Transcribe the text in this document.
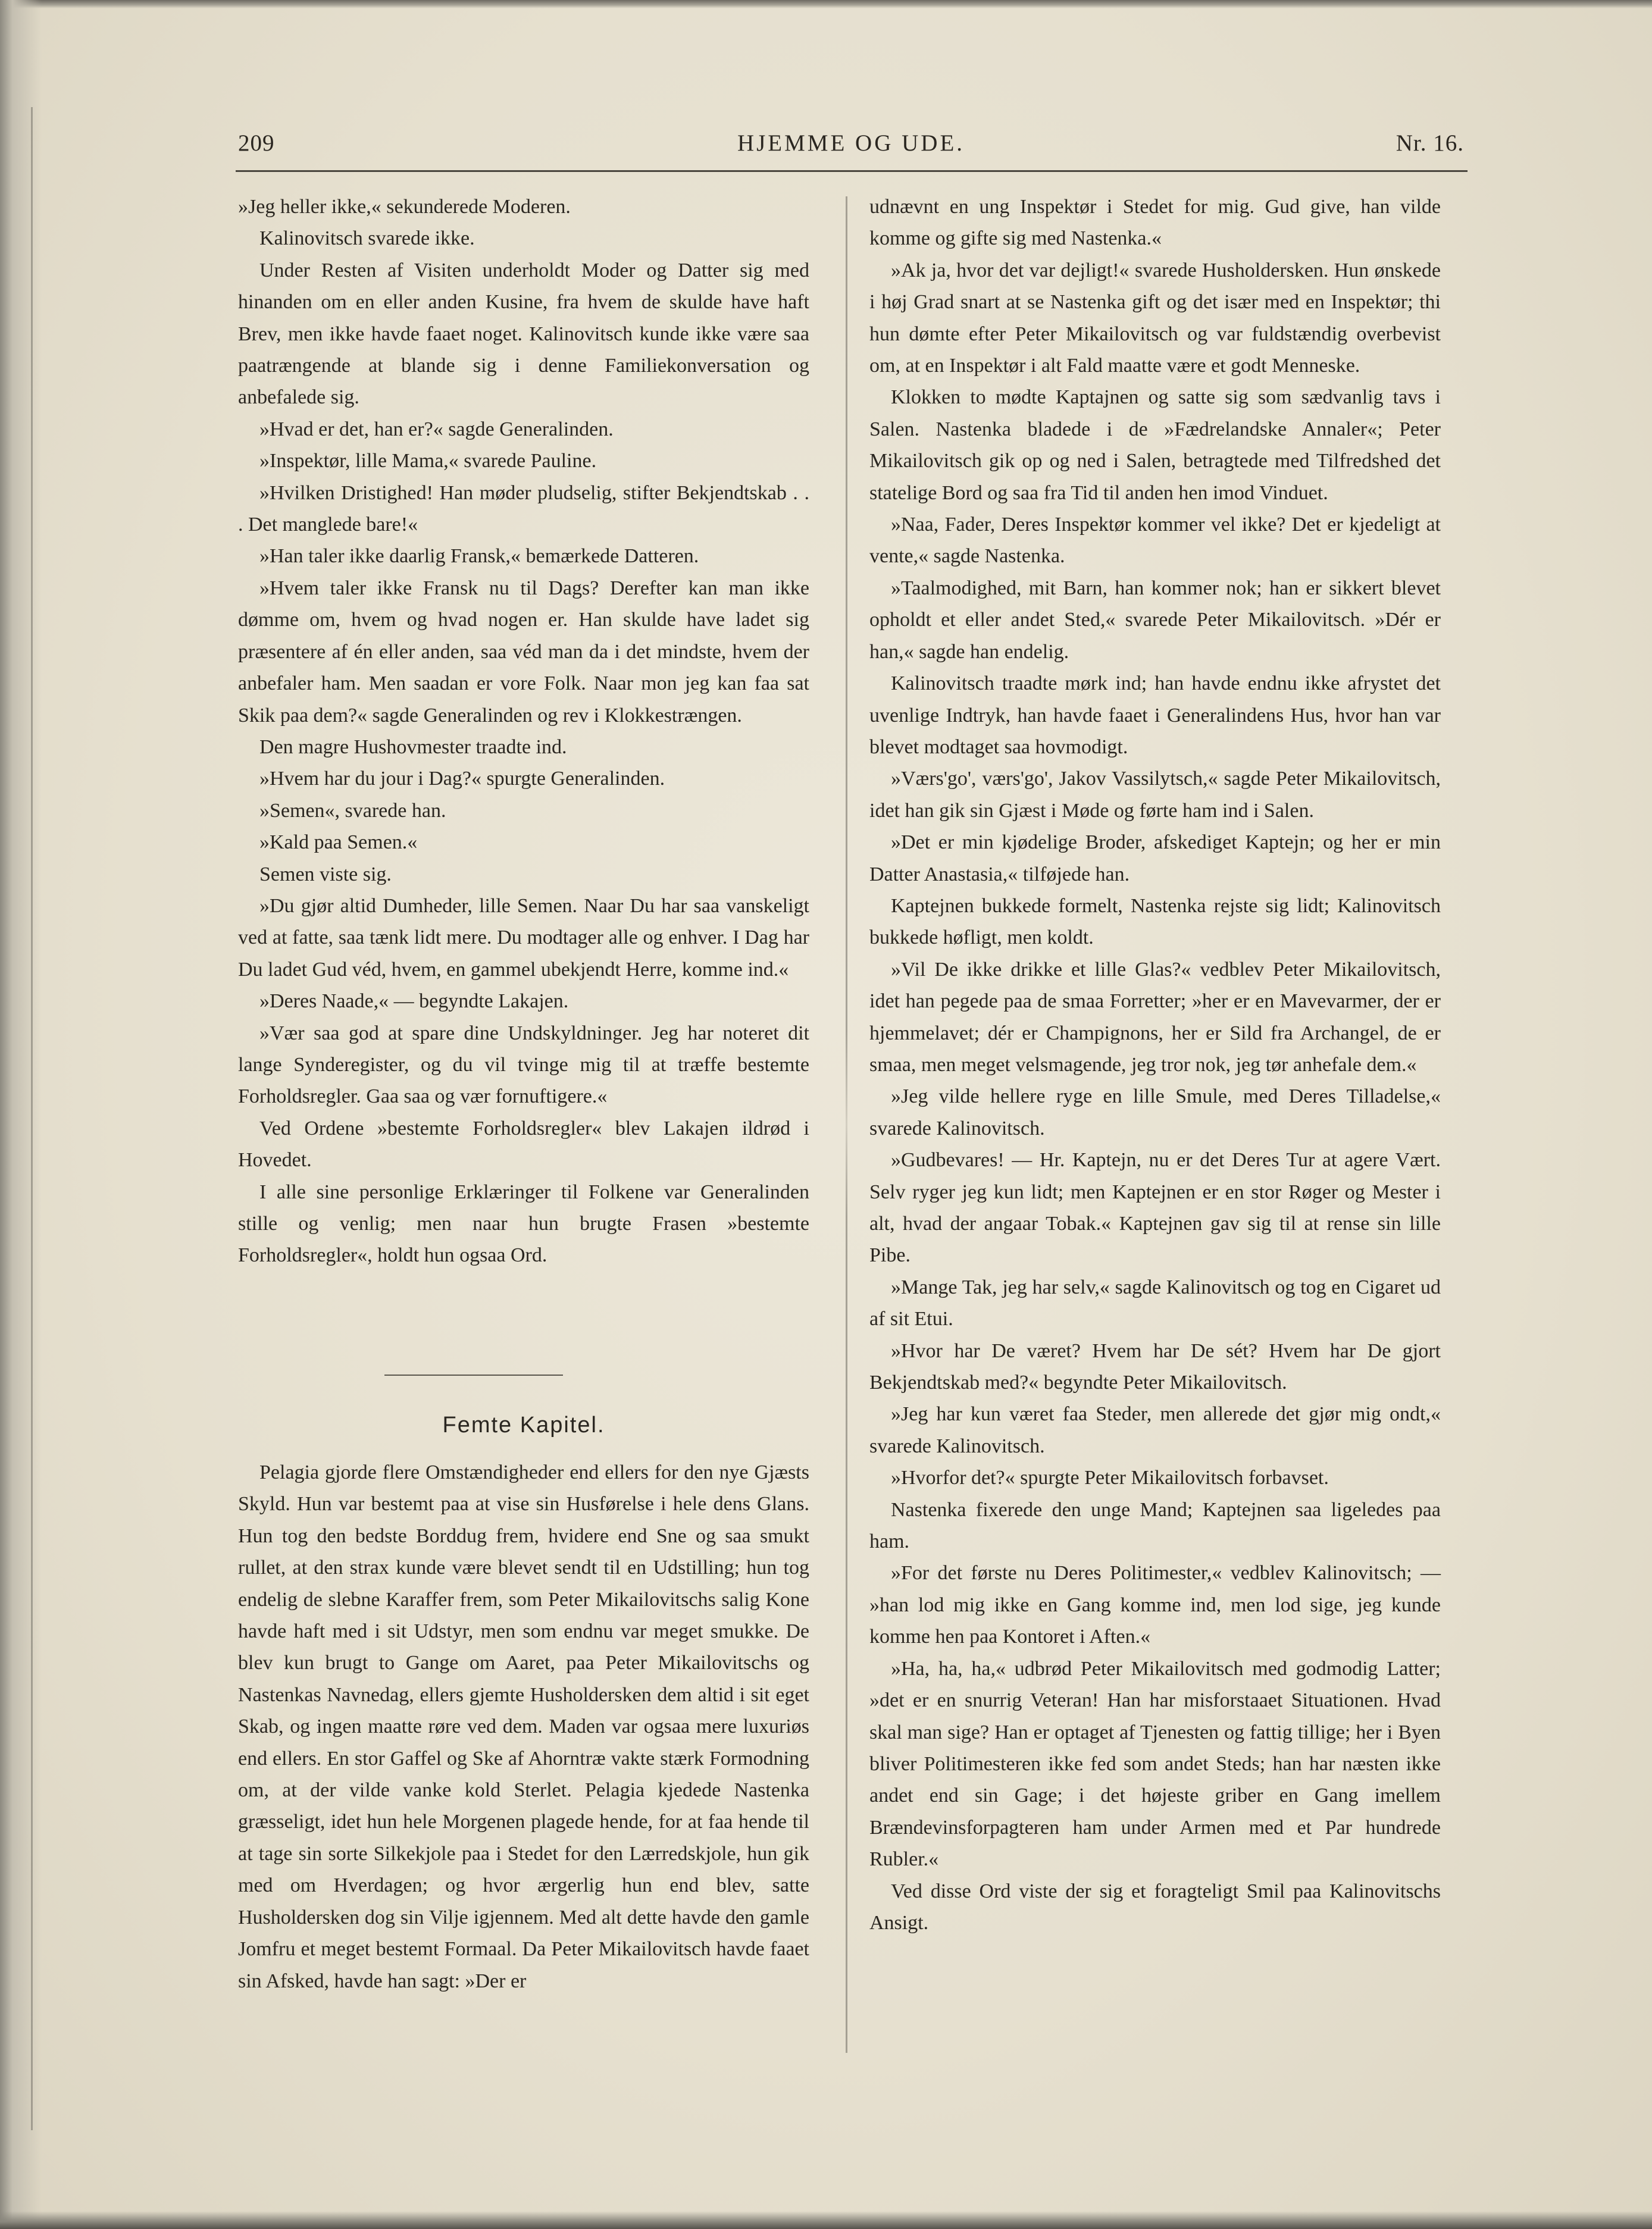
HJEMME OG UDE.
209	Nr. 16.

»Jeg heller ikke,« sekunderede Moderen.

Kalinovitsch svarede ikke.

Under Resten af Visiten underholdt Moder og Datter sig med hinanden om en eller anden Kusine, fra hvem de skulde have haft Brev, men ikke havde faaet noget. Kalinovitsch kunde ikke være saa paatrængende at blande sig i denne Familiekonversation og anbefalede sig.

»Hvad er det, han er?« sagde Generalinden.

»Inspektør, lille Mama,« svarede Pauline.

»Hvilken Dristighed! Han møder pludselig, stifter Bekjendtskab . . . Det manglede bare!«

»Han taler ikke daarlig Fransk,« bemærkede Datteren.

»Hvem taler ikke Fransk nu til Dags? Derefter kan man ikke dømme om, hvem og hvad nogen er. Han skulde have ladet sig præsentere af én eller anden, saa véd man da i det mindste, hvem der anbefaler ham. Men saadan er vore Folk. Naar mon jeg kan faa sat Skik paa dem?« sagde Generalinden og rev i Klokkestrængen.

Den magre Hushovmester traadte ind.

»Hvem har du jour i Dag?« spurgte Generalinden.

»Semen«, svarede han.

»Kald paa Semen.«

Semen viste sig.

»Du gjør altid Dumheder, lille Semen. Naar Du har saa vanskeligt ved at fatte, saa tænk lidt mere. Du modtager alle og enhver. I Dag har Du ladet Gud véd, hvem, en gammel ubekjendt Herre, komme ind.«

»Deres Naade,« — begyndte Lakajen.

»Vær saa god at spare dine Undskyldninger. Jeg har noteret dit lange Synderegister, og du vil tvinge mig til at træffe bestemte Forholdsregler. Gaa saa og vær fornuftigere.«

Ved Ordene »bestemte Forholdsregler« blev Lakajen ildrød i Hovedet.

I alle sine personlige Erklæringer til Folkene var Generalinden stille og venlig; men naar hun brugte Frasen »bestemte Forholdsregler«, holdt hun ogsaa Ord.

Femte Kapitel.

Pelagia gjorde flere Omstændigheder end ellers for den nye Gjæsts Skyld. Hun var bestemt paa at vise sin Husførelse i hele dens Glans. Hun tog den bedste Borddug frem, hvidere end Sne og saa smukt rullet, at den strax kunde være blevet sendt til en Udstilling; hun tog endelig de slebne Karaffer frem, som Peter Mikailovitschs salig Kone havde haft med i sit Udstyr, men som endnu var meget smukke. De blev kun brugt to Gange om Aaret, paa Peter Mikailovitschs og Nastenkas Navnedag, ellers gjemte Husholdersken dem altid i sit eget Skab, og ingen maatte røre ved dem. Maden var ogsaa mere luxuriøs end ellers. En stor Gaffel og Ske af Ahorntræ vakte stærk Formodning om, at der vilde vanke kold Sterlet. Pelagia kjedede Nastenka græsseligt, idet hun hele Morgenen plagede hende, for at faa hende til at tage sin sorte Silkekjole paa i Stedet for den Lærredskjole, hun gik med om Hverdagen; og hvor ærgerlig hun end blev, satte Husholdersken dog sin Vilje igjennem. Med alt dette havde den gamle Jomfru et meget bestemt Formaal. Da Peter Mikailovitsch havde faaet sin Afsked, havde han sagt: »Der er

udnævnt en ung Inspektør i Stedet for mig. Gud give, han vilde komme og gifte sig med Nastenka.«

»Ak ja, hvor det var dejligt!« svarede Husholdersken. Hun ønskede i høj Grad snart at se Nastenka gift og det især med en Inspektør; thi hun dømte efter Peter Mikailovitsch og var fuldstændig overbevist om, at en Inspektør i alt Fald maatte være et godt Menneske.

Klokken to mødte Kaptajnen og satte sig som sædvanlig tavs i Salen. Nastenka bladede i de »Fædrelandske Annaler«; Peter Mikailovitsch gik op og ned i Salen, betragtede med Tilfredshed det statelige Bord og saa fra Tid til anden hen imod Vinduet.

»Naa, Fader, Deres Inspektør kommer vel ikke? Det er kjedeligt at vente,« sagde Nastenka.

»Taalmodighed, mit Barn, han kommer nok; han er sikkert blevet opholdt et eller andet Sted,« svarede Peter Mikailovitsch. »Dér er han,« sagde han endelig.

Kalinovitsch traadte mørk ind; han havde endnu ikke afrystet det uvenlige Indtryk, han havde faaet i Generalindens Hus, hvor han var blevet modtaget saa hovmodigt.

»Værs'go', værs'go', Jakov Vassilytsch,« sagde Peter Mikailovitsch, idet han gik sin Gjæst i Møde og førte ham ind i Salen.

»Det er min kjødelige Broder, afskediget Kaptejn; og her er min Datter Anastasia,« tilføjede han.

Kaptejnen bukkede formelt, Nastenka rejste sig lidt; Kalinovitsch bukkede høfligt, men koldt.

»Vil De ikke drikke et lille Glas?« vedblev Peter Mikailovitsch, idet han pegede paa de smaa Forretter; »her er en Mavevarmer, der er hjemmelavet; dér er Champignons, her er Sild fra Archangel, de er smaa, men meget velsmagende, jeg tror nok, jeg tør anhefale dem.«

»Jeg vilde hellere ryge en lille Smule, med Deres Tilladelse,« svarede Kalinovitsch.

»Gudbevares! — Hr. Kaptejn, nu er det Deres Tur at agere Vært. Selv ryger jeg kun lidt; men Kaptejnen er en stor Røger og Mester i alt, hvad der angaar Tobak.« Kaptejnen gav sig til at rense sin lille Pibe.

»Mange Tak, jeg har selv,« sagde Kalinovitsch og tog en Cigaret ud af sit Etui.

»Hvor har De været? Hvem har De sét? Hvem har De gjort Bekjendtskab med?« begyndte Peter Mikailovitsch.

»Jeg har kun været faa Steder, men allerede det gjør mig ondt,« svarede Kalinovitsch.

»Hvorfor det?« spurgte Peter Mikailovitsch forbavset.

Nastenka fixerede den unge Mand; Kaptejnen saa ligeledes paa ham.

»For det første nu Deres Politimester,« vedblev Kalinovitsch; — »han lod mig ikke en Gang komme ind, men lod sige, jeg kunde komme hen paa Kontoret i Aften.«

»Ha, ha, ha,« udbrød Peter Mikailovitsch med godmodig Latter; »det er en snurrig Veteran! Han har misforstaaet Situationen. Hvad skal man sige? Han er optaget af Tjenesten og fattig tillige; her i Byen bliver Politimesteren ikke fed som andet Steds; han har næsten ikke andet end sin Gage; i det højeste griber en Gang imellem Brændevinsforpagteren ham under Armen med et Par hundrede Rubler.«

Ved disse Ord viste der sig et foragteligt Smil paa Kalinovitschs Ansigt.
